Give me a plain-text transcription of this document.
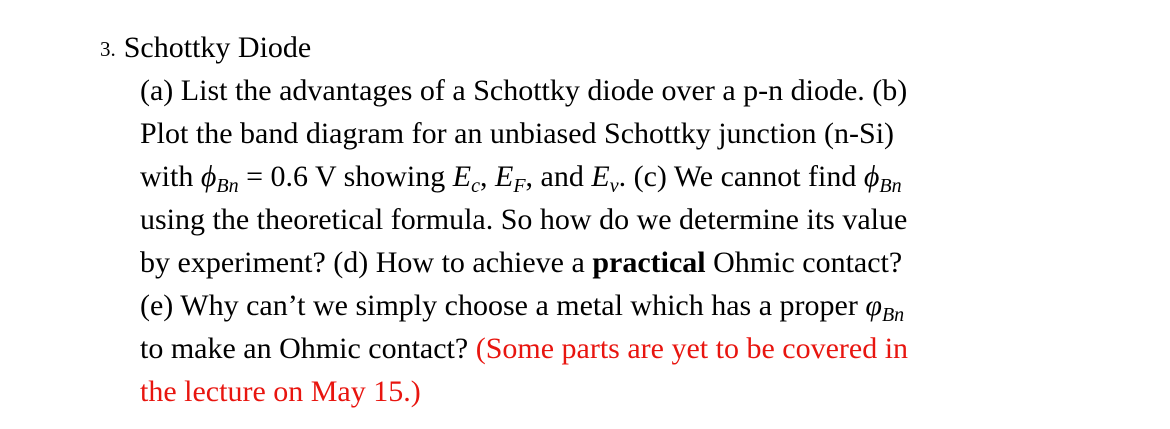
3. Schottky Diode
(a) List the advantages of a Schottky diode over a p-n diode. (b)
Plot the band diagram for an unbiased Schottky junction (n-Si)
with $\phi_{Bn} = 0.6$ V showing $E_c$, $E_F$, and $E_v$. (c) We cannot find $\phi_{Bn}$
using the theoretical formula. So how do we determine its value
by experiment? (d) How to achieve a practical Ohmic contact?
(e) Why can’t we simply choose a metal which has a proper $\varphi_{Bn}$
to make an Ohmic contact? (Some parts are yet to be covered in
the lecture on May 15.)
